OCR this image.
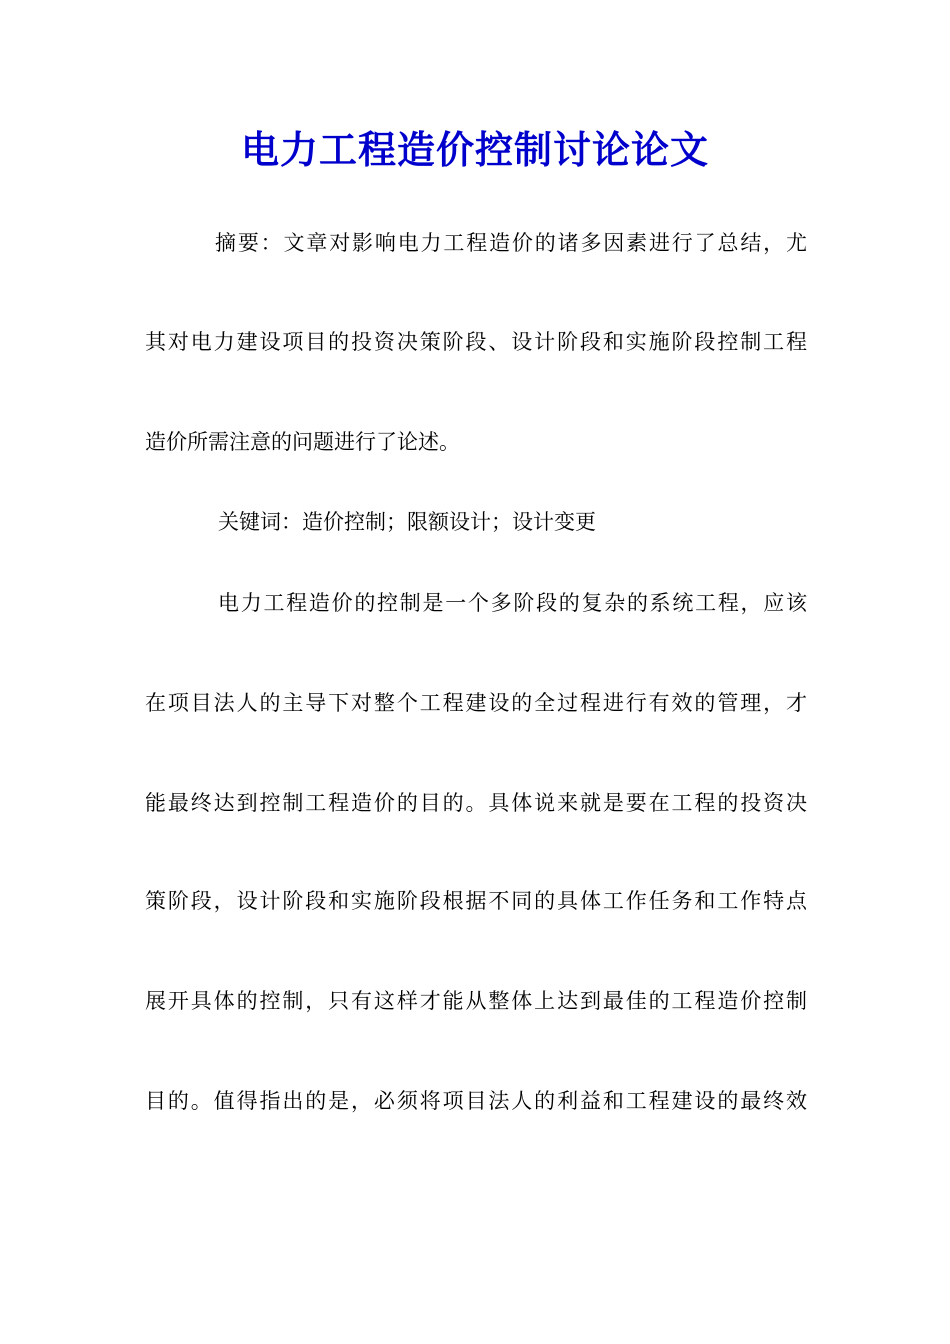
电力工程造价控制讨论论文
摘要：文章对影响电力工程造价的诸多因素进行了总结，尤
其对电力建设项目的投资决策阶段、设计阶段和实施阶段控制工程
造价所需注意的问题进行了论述。
关键词：造价控制；限额设计；设计变更
电力工程造价的控制是一个多阶段的复杂的系统工程，应该
在项目法人的主导下对整个工程建设的全过程进行有效的管理，才
能最终达到控制工程造价的目的。具体说来就是要在工程的投资决
策阶段，设计阶段和实施阶段根据不同的具体工作任务和工作特点
展开具体的控制，只有这样才能从整体上达到最佳的工程造价控制
目的。值得指出的是，必须将项目法人的利益和工程建设的最终效
